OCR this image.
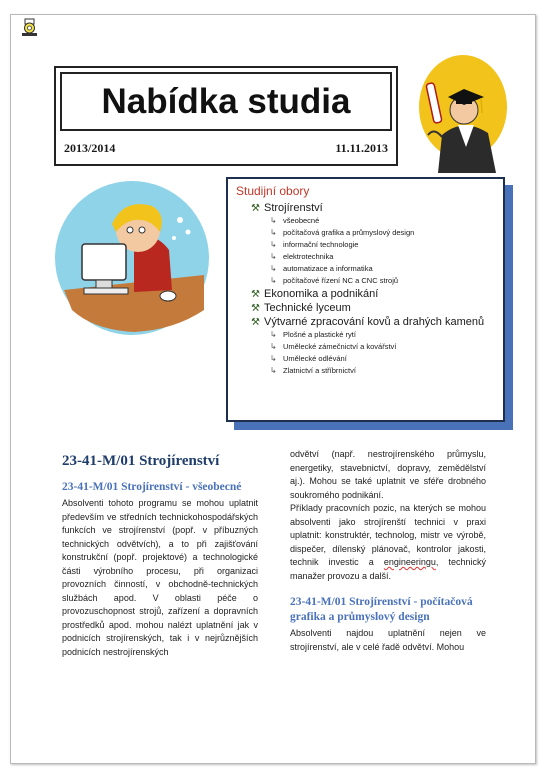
Nabídka studia
2013/2014	11.11.2013
Studijní obory
⚒ Strojírenství
↳ všeobecné
↳ počítačová grafika a průmyslový design
↳ informační technologie
↳ elektrotechnika
↳ automatizace a informatika
↳ počítačové řízení NC a CNC strojů
⚒ Ekonomika a podnikání
⚒ Technické lyceum
⚒ Výtvarné zpracování kovů a drahých kamenů
↳ Plošné a plastické rytí
↳ Umělecké zámečnictví a kovářství
↳ Umělecké odlévání
↳ Zlatnictví a stříbrnictví
23-41-M/01 Strojírenství
23-41-M/01 Strojírenství - všeobecné

Absolventi tohoto programu se mohou uplatnit především ve středních technickohospodářských funkcích ve strojírenství (popř. v příbuzných technických odvětvích), a to při zajišťování konstrukční (popř. projektové) a technologické části výrobního procesu, při organizaci provozních činností, v obchodně-technických službách apod. V oblasti péče o provozuschopnost strojů, zařízení a dopravních prostředků apod. mohou nalézt uplatnění jak v podnicích strojírenských, tak i v nejrůznějších podnicích nestrojírenských

odvětví (např. nestrojírenského průmyslu, energetiky, stavebnictví, dopravy, zemědělství aj.). Mohou se také uplatnit ve sféře drobného soukromého podnikání.

Příklady pracovních pozic, na kterých se mohou absolventi jako strojírenští technici v praxi uplatnit: konstruktér, technolog, mistr ve výrobě, dispečer, dílenský plánovač, kontrolor jakosti, technik investic a engineeringu, technický manažer provozu a další.

23-41-M/01 Strojírenství - počítačová grafika a průmyslový design

Absolventi najdou uplatnění nejen ve strojírenství, ale v celé řadě odvětví. Mohou
